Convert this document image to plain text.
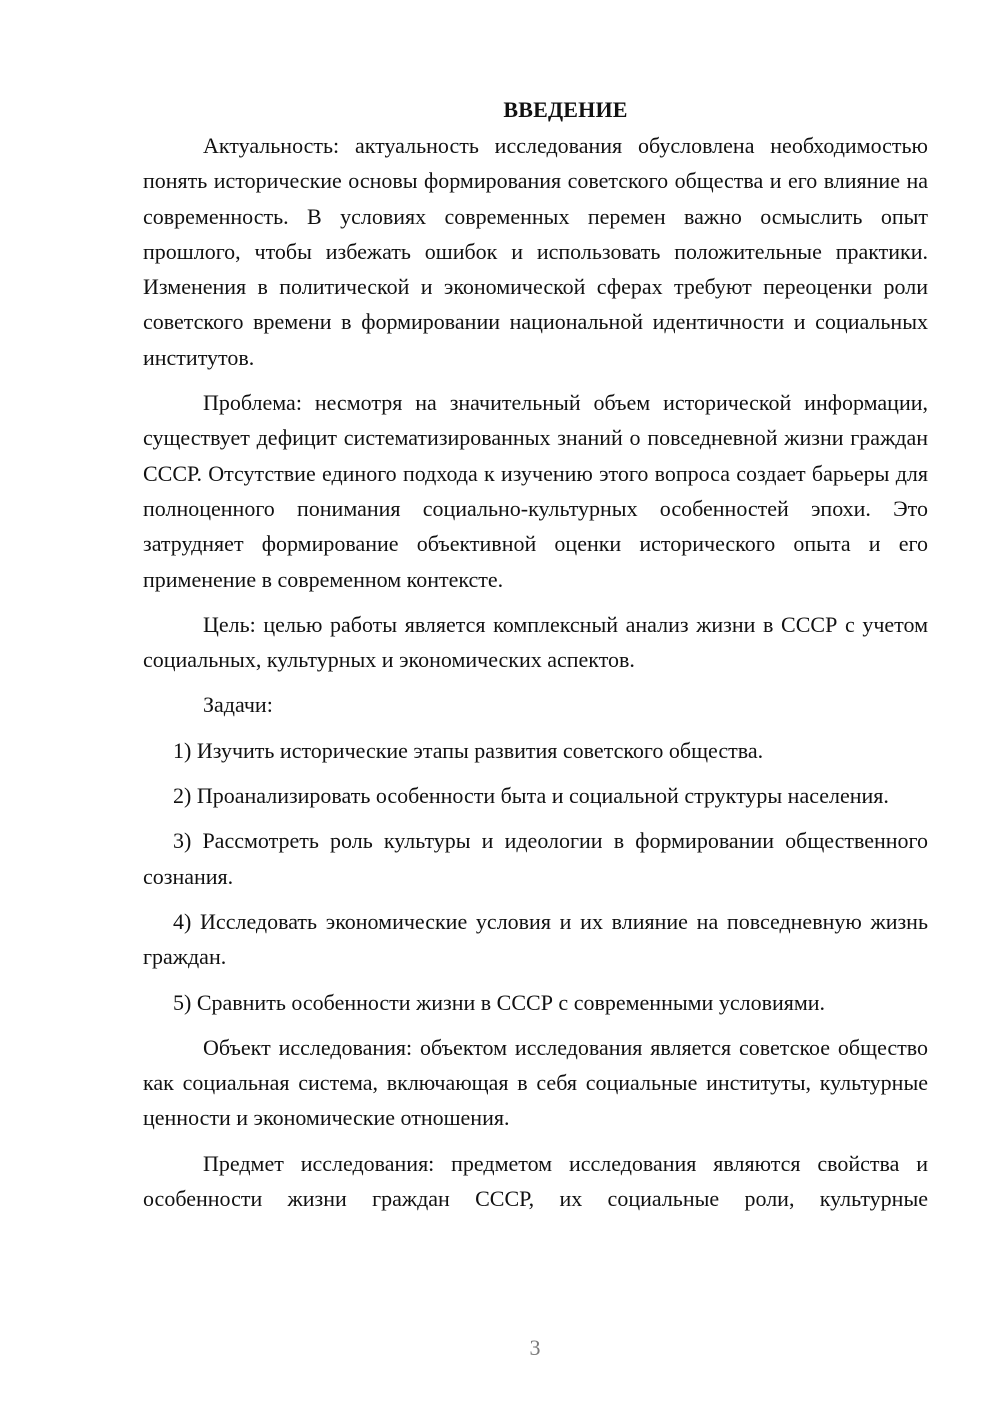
ВВЕДЕНИЕ

Актуальность: актуальность исследования обусловлена необходимостью понять исторические основы формирования советского общества и его влияние на современность. В условиях современных перемен важно осмыслить опыт прошлого, чтобы избежать ошибок и использовать положительные практики. Изменения в политической и экономической сферах требуют переоценки роли советского времени в формировании национальной идентичности и социальных институтов.

Проблема: несмотря на значительный объем исторической информации, существует дефицит систематизированных знаний о повседневной жизни граждан СССР. Отсутствие единого подхода к изучению этого вопроса создает барьеры для полноценного понимания социально-культурных особенностей эпохи. Это затрудняет формирование объективной оценки исторического опыта и его применение в современном контексте.

Цель: целью работы является комплексный анализ жизни в СССР с учетом социальных, культурных и экономических аспектов.

Задачи:

1) Изучить исторические этапы развития советского общества.

2) Проанализировать особенности быта и социальной структуры населения.

3) Рассмотреть роль культуры и идеологии в формировании общественного сознания.

4) Исследовать экономические условия и их влияние на повседневную жизнь граждан.

5) Сравнить особенности жизни в СССР с современными условиями.

Объект исследования: объектом исследования является советское общество как социальная система, включающая в себя социальные институты, культурные ценности и экономические отношения.

Предмет исследования: предметом исследования являются свойства и особенности жизни граждан СССР, их социальные роли, культурные

3
